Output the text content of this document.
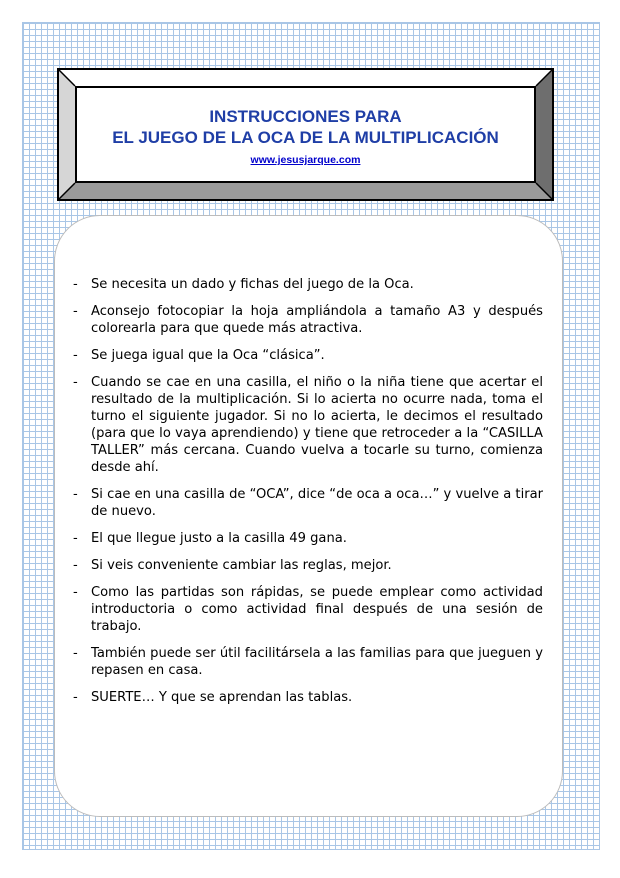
INSTRUCCIONES PARA

EL JUEGO DE LA OCA DE LA MULTIPLICACIÓN

www.jesusjarque.com
- Se necesita un dado y fichas del juego de la Oca.
- Aconsejo fotocopiar la hoja ampliándola a tamaño A3 y después colorearla para que quede más atractiva.
- Se juega igual que la Oca “clásica”.
- Cuando se cae en una casilla, el niño o la niña tiene que acertar el resultado de la multiplicación. Si lo acierta no ocurre nada, toma el turno el siguiente jugador. Si no lo acierta, le decimos el resultado (para que lo vaya aprendiendo) y tiene que retroceder a la “CASILLA TALLER” más cercana. Cuando vuelva a tocarle su turno, comienza desde ahí.
- Si cae en una casilla de “OCA”, dice “de oca a oca…” y vuelve a tirar de nuevo.
- El que llegue justo a la casilla 49 gana.
- Si veis conveniente cambiar las reglas, mejor.
- Como las partidas son rápidas, se puede emplear como actividad introductoria o como actividad final después de una sesión de trabajo.
- También puede ser útil facilitársela a las familias para que jueguen y repasen en casa.
- SUERTE… Y que se aprendan las tablas.
